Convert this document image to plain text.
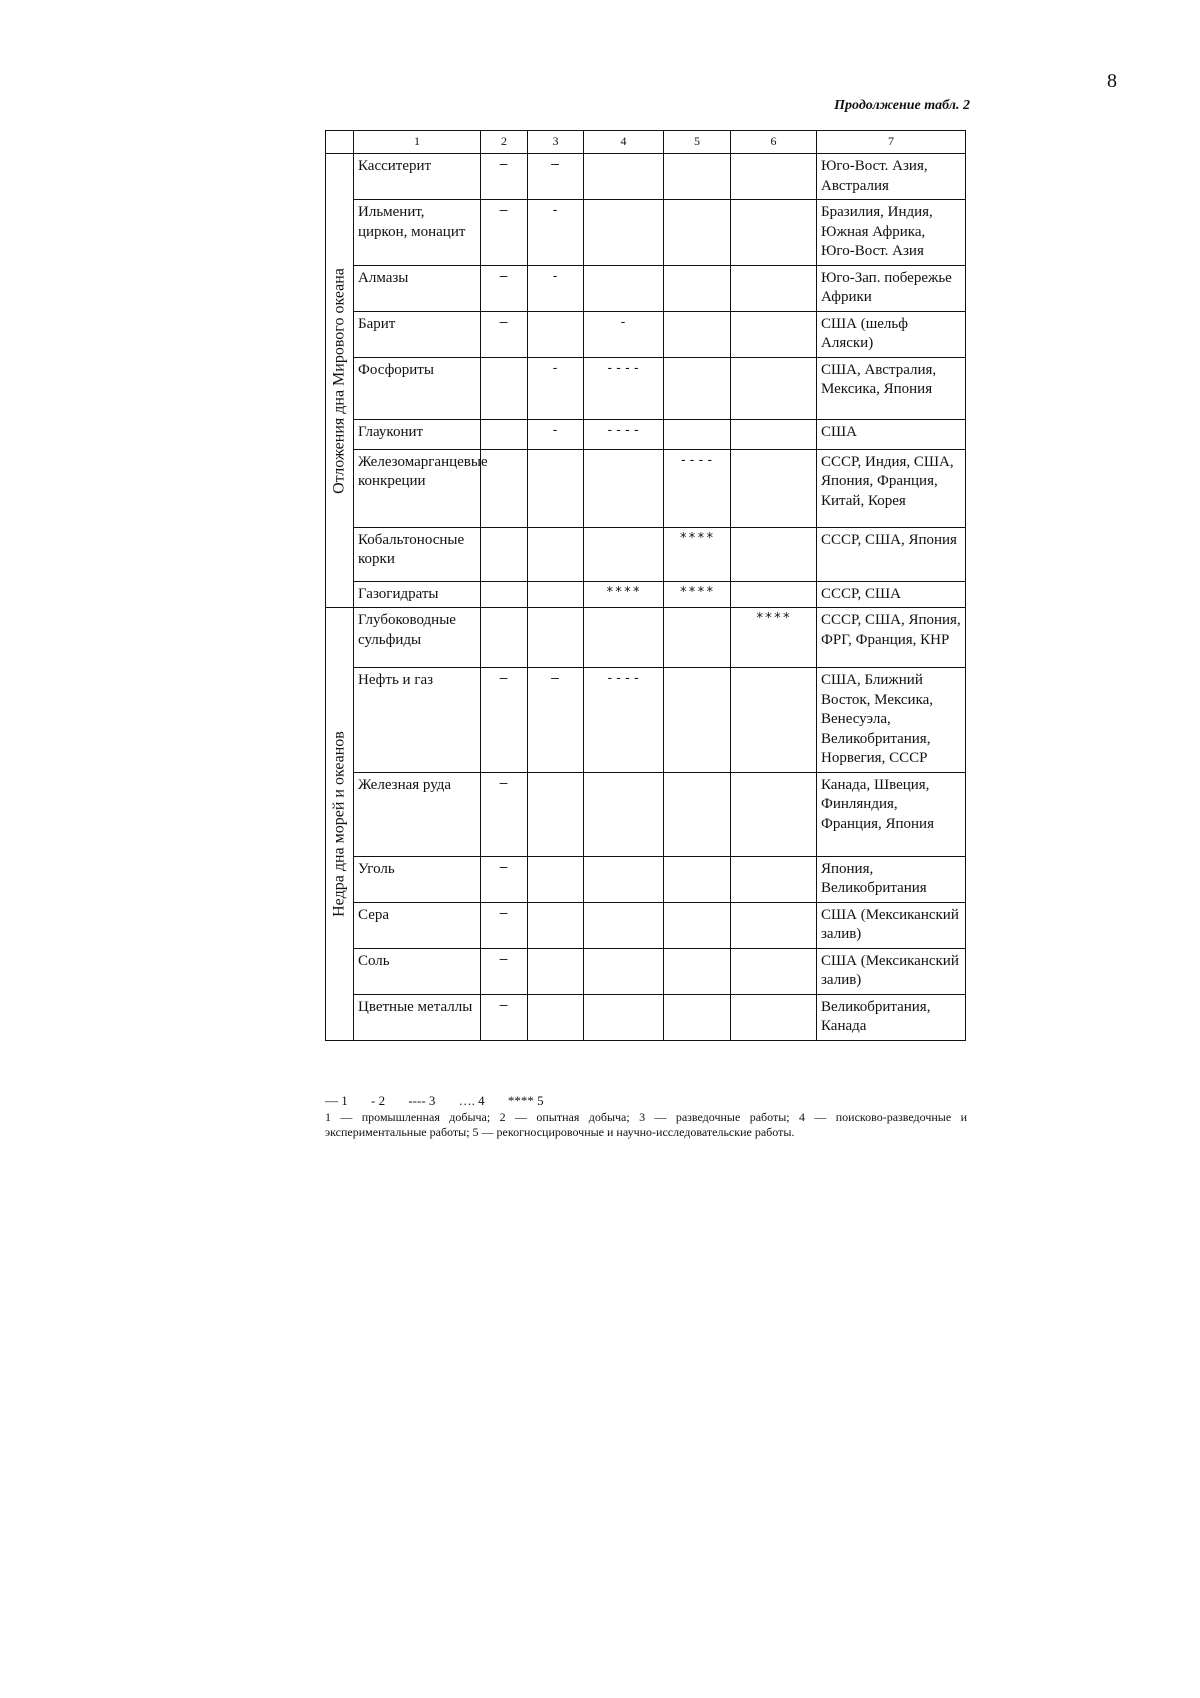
8
Продолжение табл. 2
	1	2	3	4	5	6	7

Отложения дна Мирового океана	Касситерит	—	—				Юго-Вост. Азия, Австралия
	Ильменит, циркон, монацит	—	-				Бразилия, Индия, Южная Африка, Юго-Вост. Азия
	Алмазы	—	-				Юго-Зап. побережье Африки
	Барит	—		-			США (шельф Аляски)
	Фосфориты		-	----			США, Австралия, Мексика, Япония
	Глауконит		-	----			США
	Железомарганцевые конкреции				----		СССР, Индия, США, Япония, Франция, Китай, Корея
	Кобальтоносные корки				****		СССР, США, Япония
	Газогидраты			****	****		СССР, США

Недра дна морей и океанов	Глубоководные сульфиды					****	СССР, США, Япония, ФРГ, Франция, КНР
	Нефть и газ	—	—	----			США, Ближний Восток, Мексика, Венесуэла, Великобритания, Норвегия, СССР
	Железная руда	—					Канада, Швеция, Финляндия, Франция, Япония
	Уголь	—					Япония, Великобритания
	Сера	—					США (Мексиканский залив)
	Соль	—					США (Мексиканский залив)
	Цветные металлы	—					Великобритания, Канада
— 1 - 2 ---- 3 …. 4 **** 5
1 — промышленная добыча; 2 — опытная добыча; 3 — разведочные работы; 4 — поисково-разведочные и экспериментальные работы; 5 — рекогносцировочные и научно-исследовательские работы.
